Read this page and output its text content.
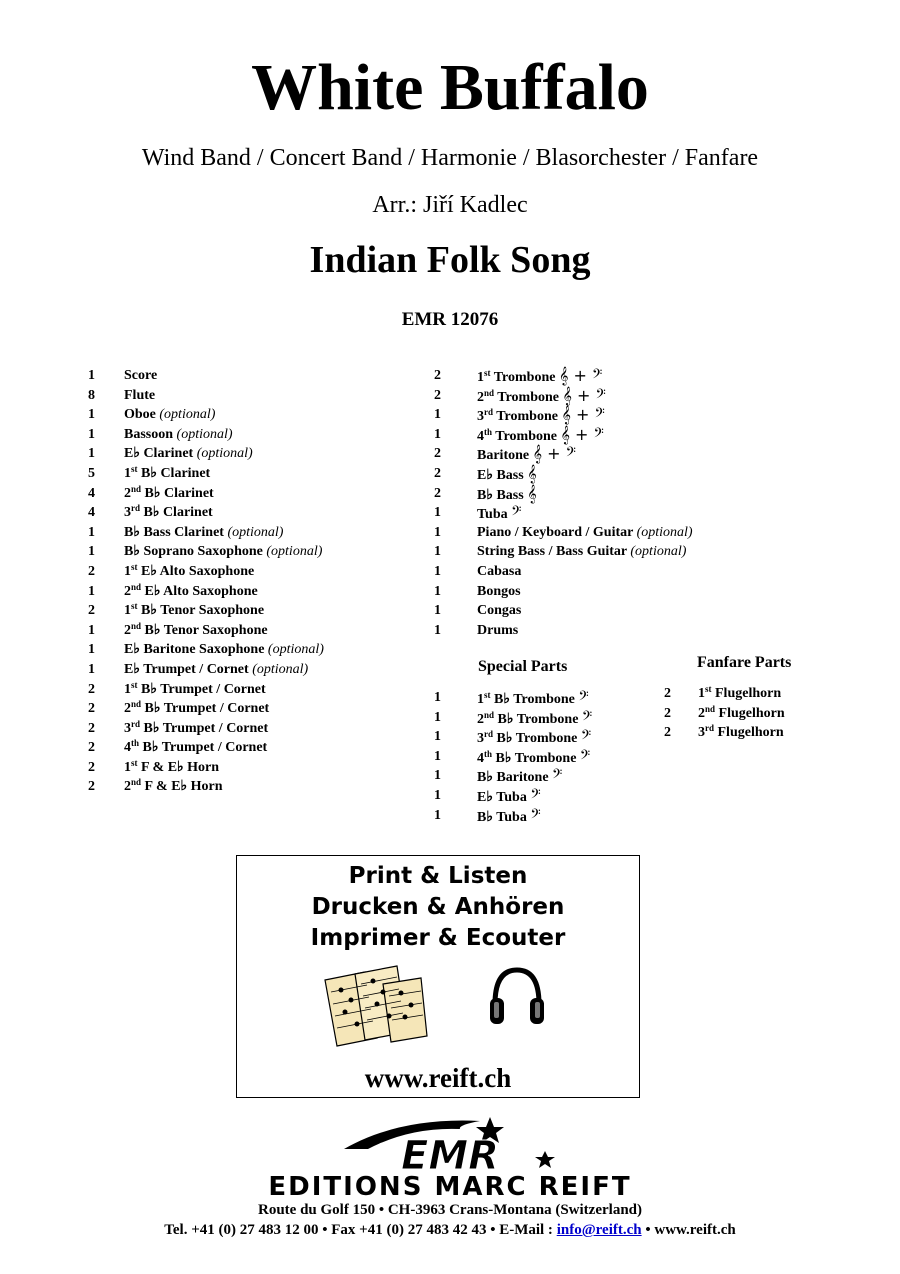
White Buffalo
Wind Band / Concert Band / Harmonie / Blasorchester / Fanfare
Arr.: Jiří Kadlec
Indian Folk Song
EMR 12076
1	Score
8	Flute
1	Oboe (optional)
1	Bassoon (optional)
1	E♭ Clarinet (optional)
5	1st B♭ Clarinet
4	2nd B♭ Clarinet
4	3rd B♭ Clarinet
1	B♭ Bass Clarinet (optional)
1	B♭ Soprano Saxophone (optional)
2	1st E♭ Alto Saxophone
1	2nd E♭ Alto Saxophone
2	1st B♭ Tenor Saxophone
1	2nd B♭ Tenor Saxophone
1	E♭ Baritone Saxophone (optional)
1	E♭ Trumpet / Cornet (optional)
2	1st B♭ Trumpet / Cornet
2	2nd B♭ Trumpet / Cornet
2	3rd B♭ Trumpet / Cornet
2	4th B♭ Trumpet / Cornet
2	1st F & E♭ Horn
2	2nd F & E♭ Horn
2	1st Trombone 𝄞 + 𝄢
2	2nd Trombone 𝄞 + 𝄢
1	3rd Trombone 𝄞 + 𝄢
1	4th Trombone 𝄞 + 𝄢
2	Baritone 𝄞 + 𝄢
2	E♭ Bass 𝄞
2	B♭ Bass 𝄞
1	Tuba 𝄢
1	Piano / Keyboard / Guitar (optional)
1	String Bass / Bass Guitar (optional)
1	Cabasa
1	Bongos
1	Congas
1	Drums
Special Parts
1	1st B♭ Trombone 𝄢
1	2nd B♭ Trombone 𝄢
1	3rd B♭ Trombone 𝄢
1	4th B♭ Trombone 𝄢
1	B♭ Baritone 𝄢
1	E♭ Tuba 𝄢
1	B♭ Tuba 𝄢
Fanfare Parts
2	1st Flugelhorn
2	2nd Flugelhorn
2	3rd Flugelhorn
Print & Listen
Drucken & Anhören
Imprimer & Ecouter
www.reift.ch
EMR
EDITIONS MARC REIFT
Route du Golf 150 • CH-3963 Crans-Montana (Switzerland)
Tel. +41 (0) 27 483 12 00 • Fax +41 (0) 27 483 42 43 • E-Mail : info@reift.ch • www.reift.ch
